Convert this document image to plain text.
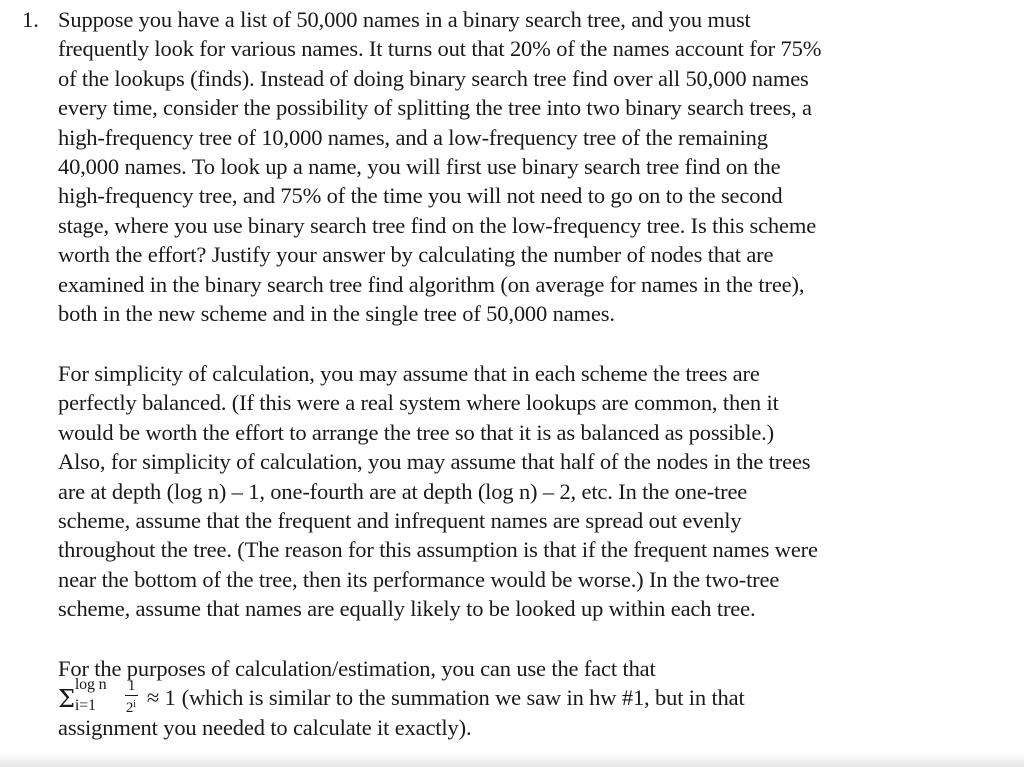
1. Suppose you have a list of 50,000 names in a binary search tree, and you must
frequently look for various names. It turns out that 20% of the names account for 75%
of the lookups (finds). Instead of doing binary search tree find over all 50,000 names
every time, consider the possibility of splitting the tree into two binary search trees, a
high-frequency tree of 10,000 names, and a low-frequency tree of the remaining
40,000 names. To look up a name, you will first use binary search tree find on the
high-frequency tree, and 75% of the time you will not need to go on to the second
stage, where you use binary search tree find on the low-frequency tree. Is this scheme
worth the effort? Justify your answer by calculating the number of nodes that are
examined in the binary search tree find algorithm (on average for names in the tree),
both in the new scheme and in the single tree of 50,000 names.
For simplicity of calculation, you may assume that in each scheme the trees are
perfectly balanced. (If this were a real system where lookups are common, then it
would be worth the effort to arrange the tree so that it is as balanced as possible.)
Also, for simplicity of calculation, you may assume that half of the nodes in the trees
are at depth (log n) – 1, one-fourth are at depth (log n) – 2, etc. In the one-tree
scheme, assume that the frequent and infrequent names are spread out evenly
throughout the tree. (The reason for this assumption is that if the frequent names were
near the bottom of the tree, then its performance would be worse.) In the two-tree
scheme, assume that names are equally likely to be looked up within each tree.
For the purposes of calculation/estimation, you can use the fact that
Σ
log n
$i=1 \frac{1}{2^i} \approx 1$ (which is similar to the summation we saw in hw #1, but in that
assignment you needed to calculate it exactly).
